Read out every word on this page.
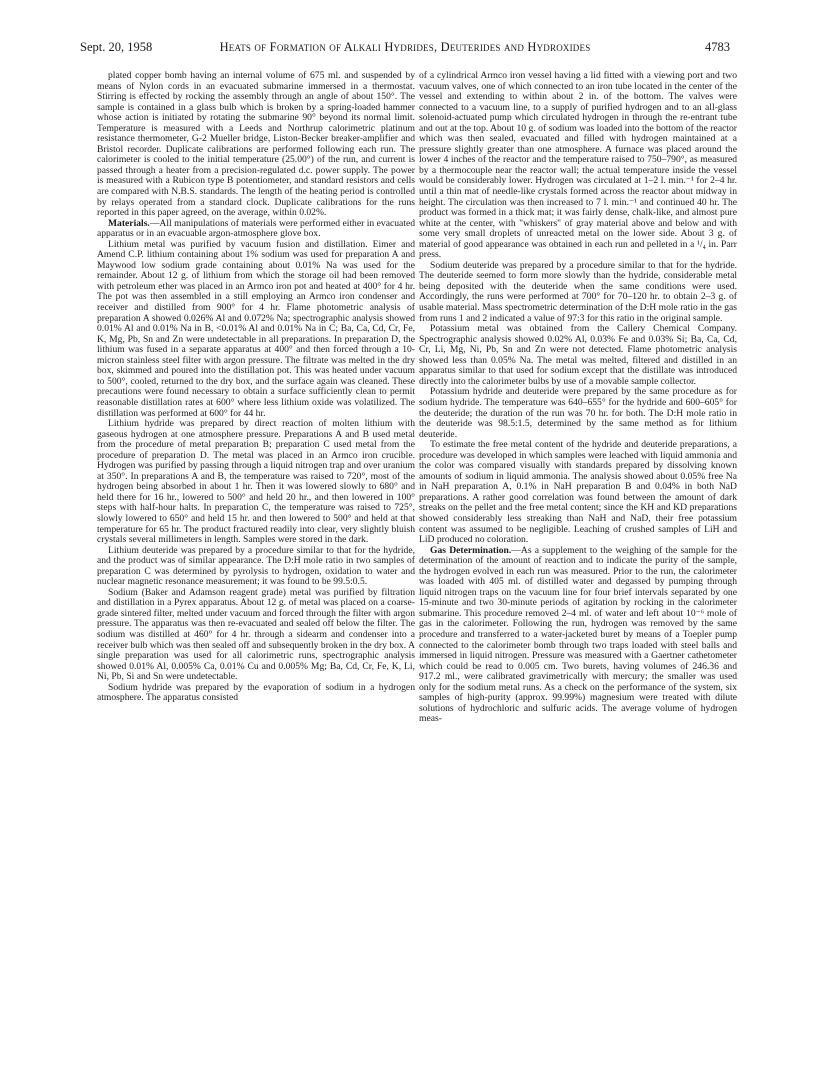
Sept. 20, 1958	Heats of Formation of Alkali Hydrides, Deuterides and Hydroxides	4783

plated copper bomb having an internal volume of 675 ml. and suspended by means of Nylon cords in an evacuated submarine immersed in a thermostat. Stirring is effected by rocking the assembly through an angle of about 150°. The sample is contained in a glass bulb which is broken by a spring-loaded hammer whose action is initiated by rotating the submarine 90° beyond its normal limit. Temperature is measured with a Leeds and Northrup calorimetric platinum resistance thermometer, G-2 Mueller bridge, Liston-Becker breaker-amplifier and Bristol recorder. Duplicate calibrations are performed following each run. The calorimeter is cooled to the initial temperature (25.00°) of the run, and current is passed through a heater from a precision-regulated d.c. power supply. The power is measured with a Rubicon type B potentiometer, and standard resistors and cells are compared with N.B.S. standards. The length of the heating period is controlled by relays operated from a standard clock. Duplicate calibrations for the runs reported in this paper agreed, on the average, within 0.02%.

Materials.—All manipulations of materials were performed either in evacuated apparatus or in an evacuable argon-atmosphere glove box.

Lithium metal was purified by vacuum fusion and distillation. Eimer and Amend C.P. lithium containing about 1% sodium was used for preparation A and Maywood low sodium grade containing about 0.01% Na was used for the remainder. About 12 g. of lithium from which the storage oil had been removed with petroleum ether was placed in an Armco iron pot and heated at 400° for 4 hr. The pot was then assembled in a still employing an Armco iron condenser and receiver and distilled from 900° for 4 hr. Flame photometric analysis of preparation A showed 0.026% Al and 0.072% Na; spectrographic analysis showed 0.01% Al and 0.01% Na in B, <0.01% Al and 0.01% Na in C; Ba, Ca, Cd, Cr, Fe, K, Mg, Pb, Sn and Zn were undetectable in all preparations. In preparation D, the lithium was fused in a separate apparatus at 400° and then forced through a 10-micron stainless steel filter with argon pressure. The filtrate was melted in the dry box, skimmed and poured into the distillation pot. This was heated under vacuum to 500°, cooled, returned to the dry box, and the surface again was cleaned. These precautions were found necessary to obtain a surface sufficiently clean to permit reasonable distillation rates at 600° where less lithium oxide was volatilized. The distillation was performed at 600° for 44 hr.

Lithium hydride was prepared by direct reaction of molten lithium with gaseous hydrogen at one atmosphere pressure. Preparations A and B used metal from the procedure of metal preparation B; preparation C used metal from the procedure of preparation D. The metal was placed in an Armco iron crucible. Hydrogen was purified by passing through a liquid nitrogen trap and over uranium at 350°. In preparations A and B, the temperature was raised to 720°, most of the hydrogen being absorbed in about 1 hr. Then it was lowered slowly to 680° and held there for 16 hr., lowered to 500° and held 20 hr., and then lowered in 100° steps with half-hour halts. In preparation C, the temperature was raised to 725°, slowly lowered to 650° and held 15 hr. and then lowered to 500° and held at that temperature for 65 hr. The product fractured readily into clear, very slightly bluish crystals several millimeters in length. Samples were stored in the dark.

Lithium deuteride was prepared by a procedure similar to that for the hydride, and the product was of similar appearance. The D:H mole ratio in two samples of preparation C was determined by pyrolysis to hydrogen, oxidation to water and nuclear magnetic resonance measurement; it was found to be 99.5:0.5.

Sodium (Baker and Adamson reagent grade) metal was purified by filtration and distillation in a Pyrex apparatus. About 12 g. of metal was placed on a coarse-grade sintered filter, melted under vacuum and forced through the filter with argon pressure. The apparatus was then re-evacuated and sealed off below the filter. The sodium was distilled at 460° for 4 hr. through a sidearm and condenser into a receiver bulb which was then sealed off and subsequently broken in the dry box. A single preparation was used for all calorimetric runs, spectrographic analysis showed 0.01% Al, 0.005% Ca, 0.01% Cu and 0.005% Mg; Ba, Cd, Cr, Fe, K, Li, Ni, Pb, Si and Sn were undetectable.

Sodium hydride was prepared by the evaporation of sodium in a hydrogen atmosphere. The apparatus consisted

of a cylindrical Armco iron vessel having a lid fitted with a viewing port and two vacuum valves, one of which connected to an iron tube located in the center of the vessel and extending to within about 2 in. of the bottom. The valves were connected to a vacuum line, to a supply of purified hydrogen and to an all-glass solenoid-actuated pump which circulated hydrogen in through the re-entrant tube and out at the top. About 10 g. of sodium was loaded into the bottom of the reactor which was then sealed, evacuated and filled with hydrogen maintained at a pressure slightly greater than one atmosphere. A furnace was placed around the lower 4 inches of the reactor and the temperature raised to 750–790°, as measured by a thermocouple near the reactor wall; the actual temperature inside the vessel would be considerably lower. Hydrogen was circulated at 1–2 l. min.⁻¹ for 2–4 hr. until a thin mat of needle-like crystals formed across the reactor about midway in height. The circulation was then increased to 7 l. min.⁻¹ and continued 40 hr. The product was formed in a thick mat; it was fairly dense, chalk-like, and almost pure white at the center, with "whiskers" of gray material above and below and with some very small droplets of unreacted metal on the lower side. About 3 g. of material of good appearance was obtained in each run and pelleted in a ¹/₄ in. Parr press.

Sodium deuteride was prepared by a procedure similar to that for the hydride. The deuteride seemed to form more slowly than the hydride, considerable metal being deposited with the deuteride when the same conditions were used. Accordingly, the runs were performed at 700° for 70–120 hr. to obtain 2–3 g. of usable material. Mass spectrometric determination of the D:H mole ratio in the gas from runs 1 and 2 indicated a value of 97:3 for this ratio in the original sample.

Potassium metal was obtained from the Callery Chemical Company. Spectrographic analysis showed 0.02% Al, 0.03% Fe and 0.03% Si; Ba, Ca, Cd, Cr, Li, Mg, Ni, Pb, Sn and Zn were not detected. Flame photometric analysis showed less than 0.05% Na. The metal was melted, filtered and distilled in an apparatus similar to that used for sodium except that the distillate was introduced directly into the calorimeter bulbs by use of a movable sample collector.

Potassium hydride and deuteride were prepared by the same procedure as for sodium hydride. The temperature was 640–655° for the hydride and 600–605° for the deuteride; the duration of the run was 70 hr. for both. The D:H mole ratio in the deuteride was 98.5:1.5, determined by the same method as for lithium deuteride.

To estimate the free metal content of the hydride and deuteride preparations, a procedure was developed in which samples were leached with liquid ammonia and the color was compared visually with standards prepared by dissolving known amounts of sodium in liquid ammonia. The analysis showed about 0.05% free Na in NaH preparation A, 0.1% in NaH preparation B and 0.04% in both NaD preparations. A rather good correlation was found between the amount of dark streaks on the pellet and the free metal content; since the KH and KD preparations showed considerably less streaking than NaH and NaD, their free potassium content was assumed to be negligible. Leaching of crushed samples of LiH and LiD produced no coloration.

Gas Determination.—As a supplement to the weighing of the sample for the determination of the amount of reaction and to indicate the purity of the sample, the hydrogen evolved in each run was measured. Prior to the run, the calorimeter was loaded with 405 ml. of distilled water and degassed by pumping through liquid nitrogen traps on the vacuum line for four brief intervals separated by one 15-minute and two 30-minute periods of agitation by rocking in the calorimeter submarine. This procedure removed 2–4 ml. of water and left about 10⁻⁶ mole of gas in the calorimeter. Following the run, hydrogen was removed by the same procedure and transferred to a water-jacketed buret by means of a Toepler pump connected to the calorimeter bomb through two traps loaded with steel balls and immersed in liquid nitrogen. Pressure was measured with a Gaertner cathetometer which could be read to 0.005 cm. Two burets, having volumes of 246.36 and 917.2 ml., were calibrated gravimetrically with mercury; the smaller was used only for the sodium metal runs. As a check on the performance of the system, six samples of high-purity (approx. 99.99%) magnesium were treated with dilute solutions of hydrochloric and sulfuric acids. The average volume of hydrogen meas-
